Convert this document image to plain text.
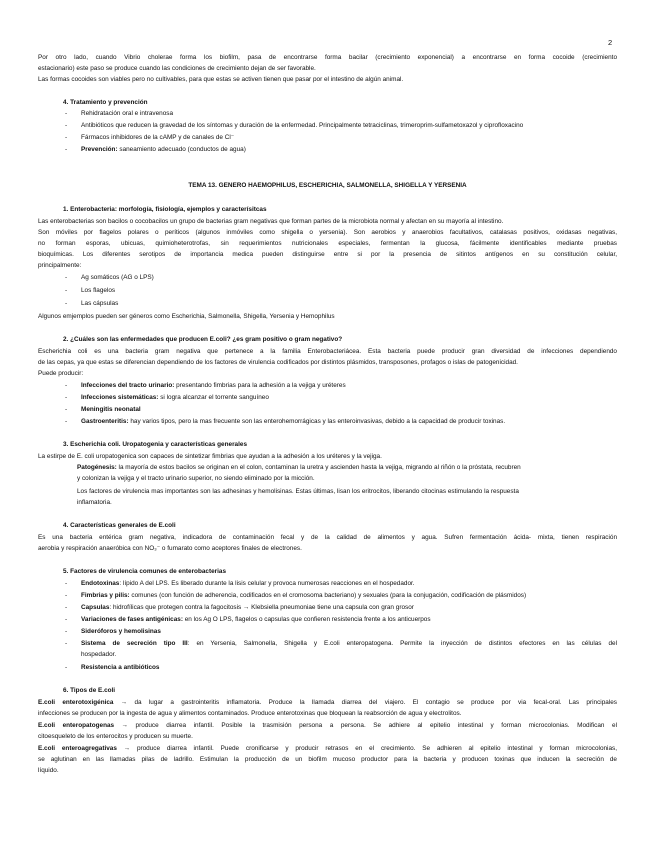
2
Por otro lado, cuando Vibrio cholerae forma los biofilm, pasa de encontrarse forma bacilar (crecimiento exponencial) a encontrarse en forma cocoide (crecimiento
estacionario) este paso se produce cuando las condiciones de crecimiento dejan de ser favorable.
Las formas cocoides son viables pero no cultivables, para que estas se activen tienen que pasar por el intestino de algún animal.
4. Tratamiento y prevención
- Rehidratación oral e intravenosa
- Antibióticos que reducen la gravedad de los síntomas y duración de la enfermedad. Principalmente tetraciclinas, trimeroprim-sulfametoxazol y ciprofloxacino
- Fármacos inhibidores de la cAMP y de canales de Cl⁻
- Prevención: saneamiento adecuado (conductos de agua)
TEMA 13. GENERO HAEMOPHILUS, ESCHERICHIA, SALMONELLA, SHIGELLA Y YERSENIA
1. Enterobacteria: morfología, fisiología, ejemplos y caracterísitcas
Las enterobacterias son bacilos o cocobacilos un grupo de bacterias gram negativas que forman partes de la microbiota normal y afectan en su mayoría al intestino.
Son móviles por flagelos polares o períticos (algunos inmóviles como shigella o yersenia). Son aerobios y anaerobios facultativos, catalasas positivos, oxidasas negativas,
no forman esporas, ubicuas, quimioheterotrofas, sin requerimientos nutricionales especiales, fermentan la glucosa, fácilmente identificables mediante pruebas
bioquímicas. Los diferentes serotipos de importancia medica pueden distinguirse entre si por la presencia de sitintos antígenos en su constitución celular,
principalmente:
- Ag somáticos (AG o LPS)
- Los flagelos
- Las cápsulas
Algunos emjemplos pueden ser géneros como Escherichia, Salmonella, Shigella, Yersenia y Hemophilus
2. ¿Cuáles son las enfermedades que producen E.coli? ¿es gram positivo o gram negativo?
Escherichia coli es una bacteria gram negativa que pertenece a la familia Enterobacteriácea. Esta bacteria puede producir gran diversidad de infecciones dependiendo
de las cepas, ya que estas se diferencian dependiendo de los factores de virulencia codificados por distintos plásmidos, transposones, profagos o islas de patogenicidad.
Puede producir:
- Infecciones del tracto urinario: presentando fimbrias para la adhesión a la vejiga y uréteres
- Infecciones sistemáticas: si logra alcanzar el torrente sanguíneo
- Meningitis neonatal
- Gastroenteritis: hay varios tipos, pero la mas frecuente son las enterohemorrágicas y las enteroinvasivas, debido a la capacidad de producir toxinas.
3. Escherichia coli. Uropatogenia y características generales
La estirpe de E. coli uropatogenica son capaces de sintetizar fimbrias que ayudan a la adhesión a los uréteres y la vejiga.
Patogénesis: la mayoría de estos bacilos se originan en el colon, contaminan la uretra y ascienden hasta la vejiga, migrando al riñón o la próstata, recubren
y colonizan la vejiga y el tracto urinario superior, no siendo eliminado por la micción.
Los factores de virulencia mas importantes son las adhesinas y hemolisinas. Estas últimas, lisan los eritrocitos, liberando citocinas estimulando la respuesta
inflamatoria.
4. Características generales de E.coli
Es una bacteria entérica gram negativa, indicadora de contaminación fecal y de la calidad de alimentos y agua. Sufren fermentación ácida- mixta, tienen respiración
aerobia y respiración anaeróbica con NO₃⁻ o fumarato como aceptores finales de electrones.
5. Factores de virulencia comunes de enterobacterias
- Endotoxinas: lípido A del LPS. Es liberado durante la lisis celular y provoca numerosas reacciones en el hospedador.
- Fimbrias y pilis: comunes (con función de adherencia, codificados en el cromosoma bacteriano) y sexuales (para la conjugación, codificación de plásmidos)
- Capsulas: hidrofílicas que protegen contra la fagocitosis → Klebsiella pneumoniae tiene una capsula con gran grosor
- Variaciones de fases antigénicas: en los Ag O LPS, flagelos o capsulas que confieren resistencia frente a los anticuerpos
- Sideróforos y hemolisinas
- Sistema de secreción tipo III: en Yersenia, Salmonella, Shigella y E.coli enteropatogena. Permite la inyección de distintos efectores en las células del
hospedador.
- Resistencia a antibióticos
6. Tipos de E.coli
E.coli enterotoxigénica → da lugar a gastrointeritis inflamatoria. Produce la llamada diarrea del viajero. El contagio se produce por via fecal-oral. Las principales
infecciones se producen por la ingesta de agua y alimentos contaminados. Produce enterotoxinas que bloquean la reabsorción de agua y electrolitos.
E.coli enteropatogenas → produce diarrea infantil. Posible la trasmisión persona a persona. Se adhiere al epitelio intestinal y forman microcolonias. Modifican el
citoesqueleto de los enterocitos y producen su muerte.
E.coli enteroagregativas → produce diarrea infantil. Puede cronificarse y producir retrasos en el crecimiento. Se adhieren al epitelio intestinal y forman microcolonias,
se aglutinan en las llamadas pilas de ladrillo. Estimulan la producción de un biofilm mucoso productor para la bacteria y producen toxinas que inducen la secreción de
líquido.
